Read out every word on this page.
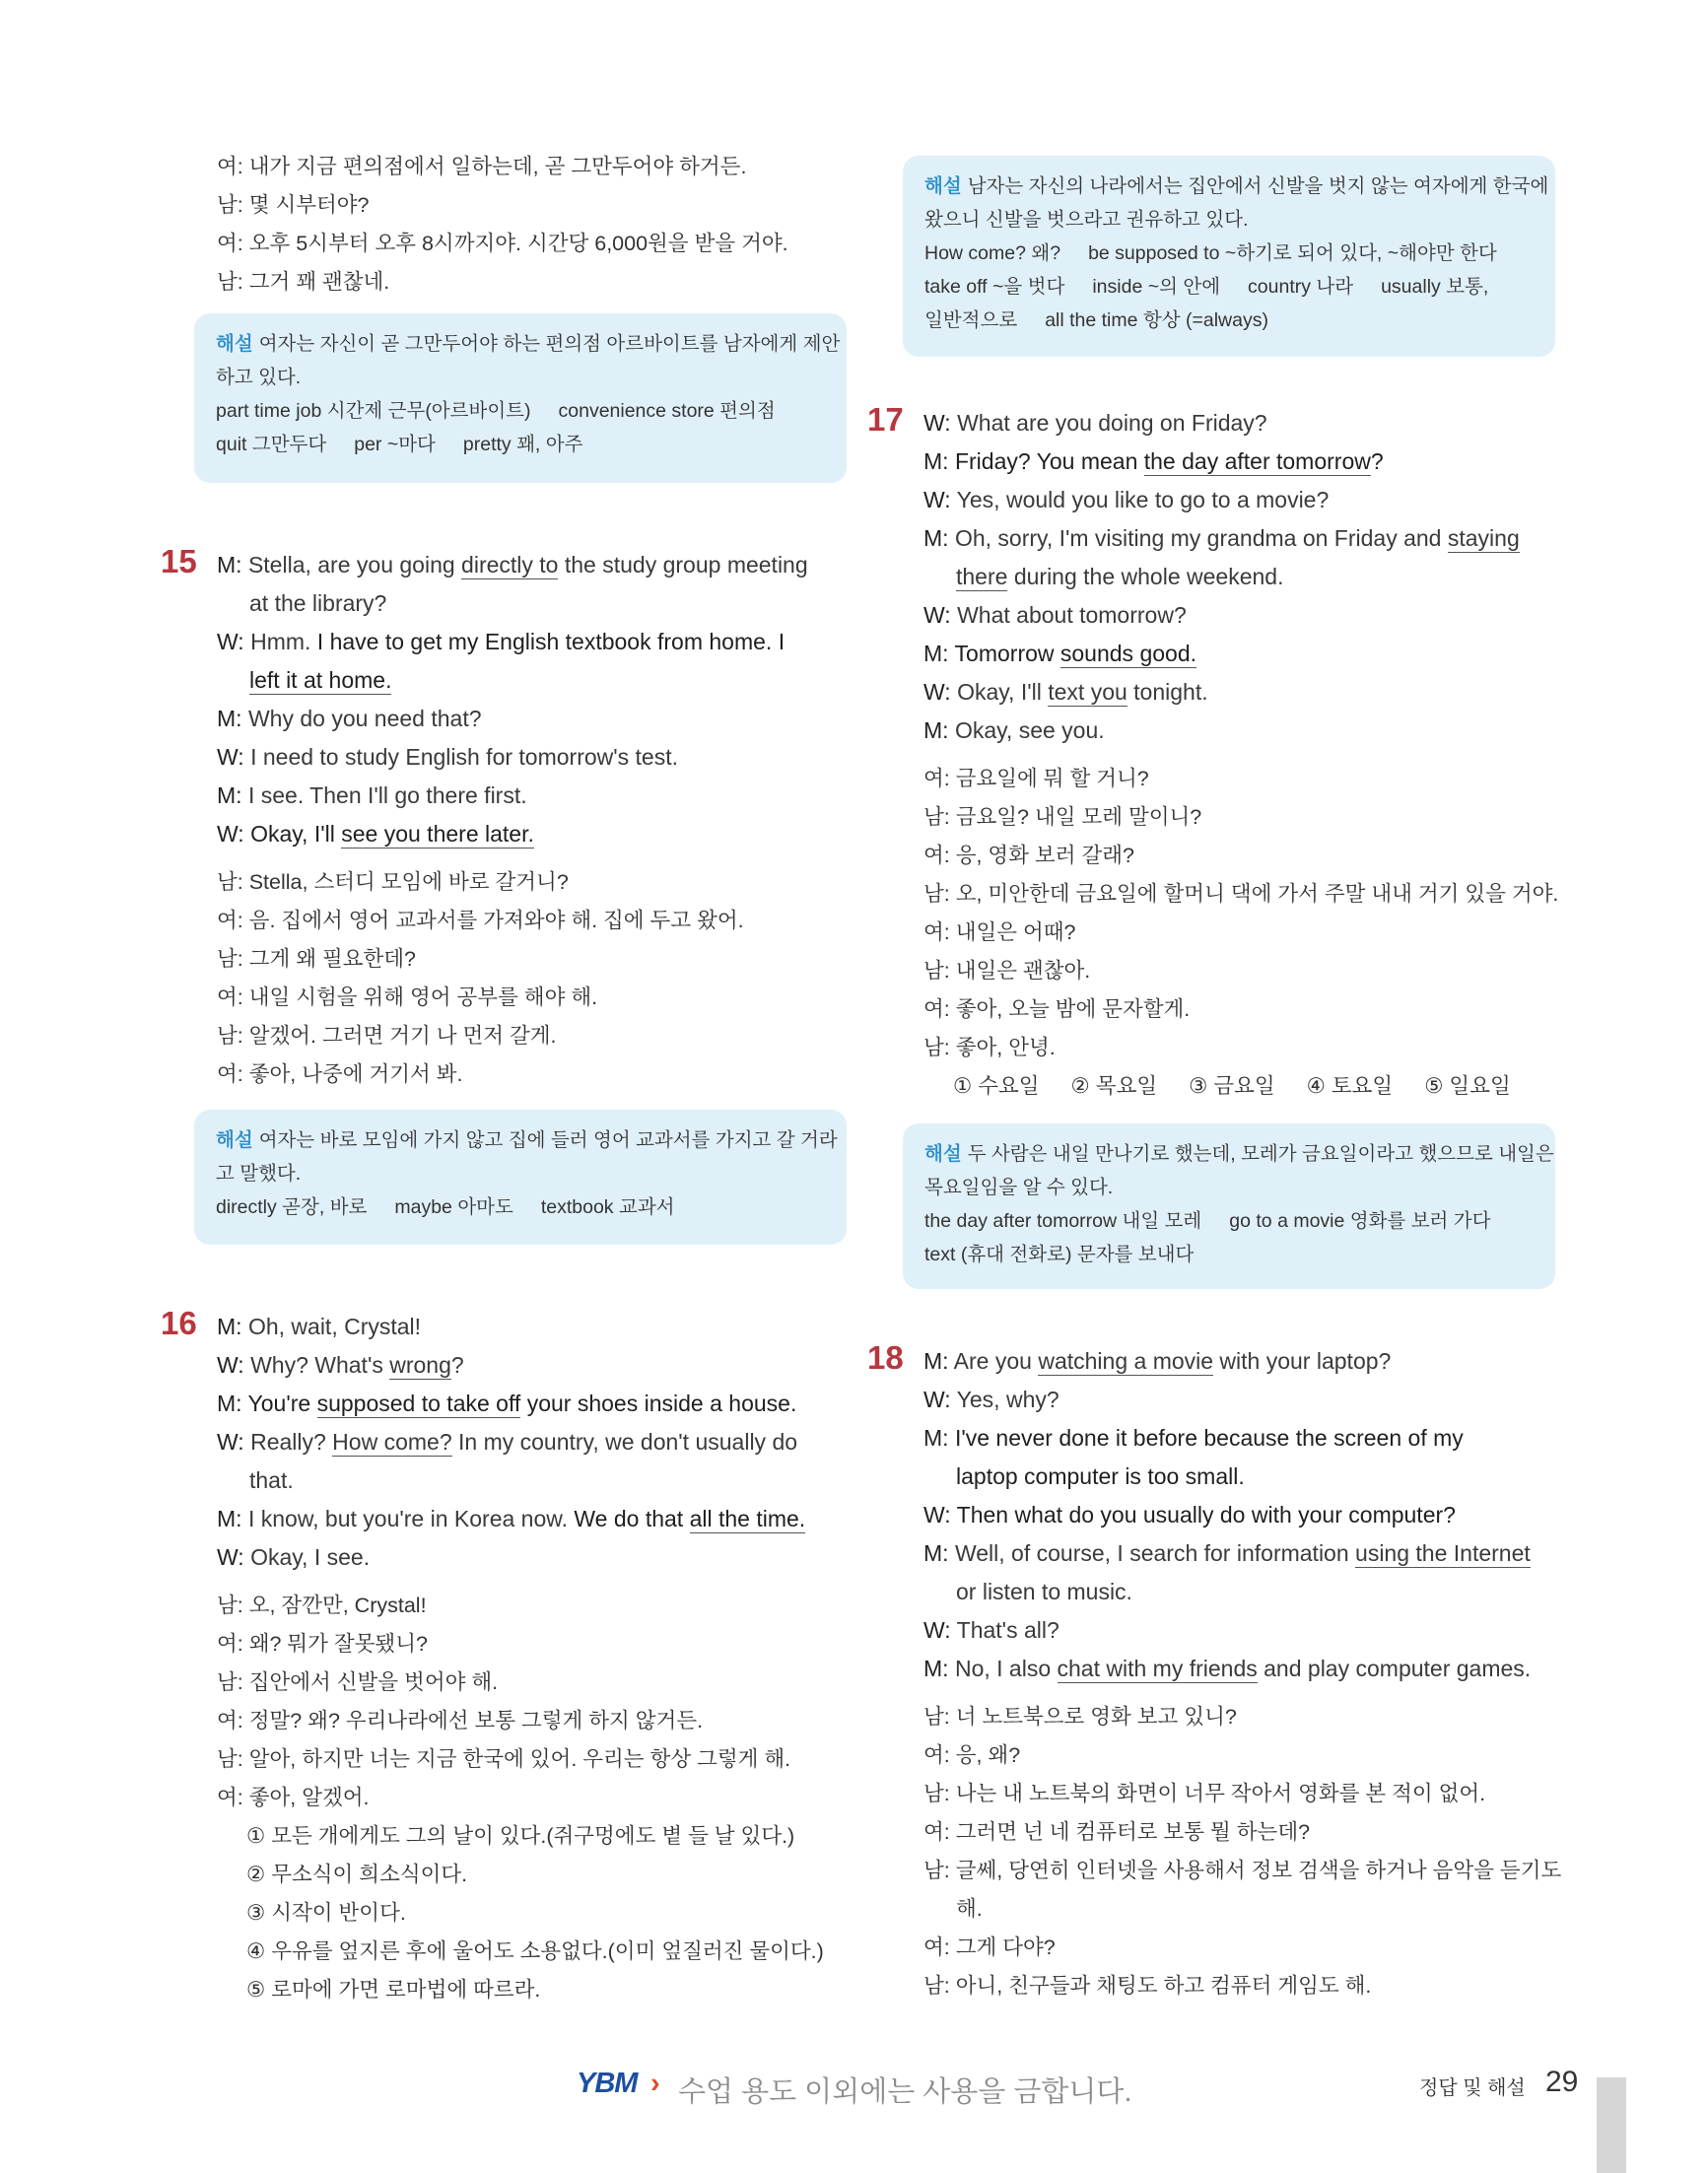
여: 내가 지금 편의점에서 일하는데, 곧 그만두어야 하거든.
남: 몇 시부터야?
여: 오후 5시부터 오후 8시까지야. 시간당 6,000원을 받을 거야.
남: 그거 꽤 괜찮네.
해설 여자는 자신이 곧 그만두어야 하는 편의점 아르바이트를 남자에게 제안
하고 있다.
part time job 시간제 근무(아르바이트) convenience store 편의점
quit 그만두다 per ~마다 pretty 꽤, 아주
15 M: Stella, are you going directly to the study group meeting
at the library?
W: Hmm. I have to get my English textbook from home. I
left it at home.
M: Why do you need that?
W: I need to study English for tomorrow's test.
M: I see. Then I'll go there first.
W: Okay, I'll see you there later.
남: Stella, 스터디 모임에 바로 갈거니?
여: 음. 집에서 영어 교과서를 가져와야 해. 집에 두고 왔어.
남: 그게 왜 필요한데?
여: 내일 시험을 위해 영어 공부를 해야 해.
남: 알겠어. 그러면 거기 나 먼저 갈게.
여: 좋아, 나중에 거기서 봐.
해설 여자는 바로 모임에 가지 않고 집에 들러 영어 교과서를 가지고 갈 거라
고 말했다.
directly 곧장, 바로 maybe 아마도 textbook 교과서
16 M: Oh, wait, Crystal!
W: Why? What's wrong?
M: You're supposed to take off your shoes inside a house.
W: Really? How come? In my country, we don't usually do
that.
M: I know, but you're in Korea now. We do that all the time.
W: Okay, I see.
남: 오, 잠깐만, Crystal!
여: 왜? 뭐가 잘못됐니?
남: 집안에서 신발을 벗어야 해.
여: 정말? 왜? 우리나라에선 보통 그렇게 하지 않거든.
남: 알아, 하지만 너는 지금 한국에 있어. 우리는 항상 그렇게 해.
여: 좋아, 알겠어.
① 모든 개에게도 그의 날이 있다.(쥐구멍에도 볕 들 날 있다.)
② 무소식이 희소식이다.
③ 시작이 반이다.
④ 우유를 엎지른 후에 울어도 소용없다.(이미 엎질러진 물이다.)
⑤ 로마에 가면 로마법에 따르라.
해설 남자는 자신의 나라에서는 집안에서 신발을 벗지 않는 여자에게 한국에
왔으니 신발을 벗으라고 권유하고 있다.
How come? 왜? be supposed to ~하기로 되어 있다, ~해야만 한다
take off ~을 벗다 inside ~의 안에 country 나라 usually 보통,
일반적으로 all the time 항상 (=always)
17 W: What are you doing on Friday?
M: Friday? You mean the day after tomorrow?
W: Yes, would you like to go to a movie?
M: Oh, sorry, I'm visiting my grandma on Friday and staying
there during the whole weekend.
W: What about tomorrow?
M: Tomorrow sounds good.
W: Okay, I'll text you tonight.
M: Okay, see you.
여: 금요일에 뭐 할 거니?
남: 금요일? 내일 모레 말이니?
여: 응, 영화 보러 갈래?
남: 오, 미안한데 금요일에 할머니 댁에 가서 주말 내내 거기 있을 거야.
여: 내일은 어때?
남: 내일은 괜찮아.
여: 좋아, 오늘 밤에 문자할게.
남: 좋아, 안녕.
① 수요일 ② 목요일 ③ 금요일 ④ 토요일 ⑤ 일요일
해설 두 사람은 내일 만나기로 했는데, 모레가 금요일이라고 했으므로 내일은
목요일임을 알 수 있다.
the day after tomorrow 내일 모레 go to a movie 영화를 보러 가다
text (휴대 전화로) 문자를 보내다
18 M: Are you watching a movie with your laptop?
W: Yes, why?
M: I've never done it before because the screen of my
laptop computer is too small.
W: Then what do you usually do with your computer?
M: Well, of course, I search for information using the Internet
or listen to music.
W: That's all?
M: No, I also chat with my friends and play computer games.
남: 너 노트북으로 영화 보고 있니?
여: 응, 왜?
남: 나는 내 노트북의 화면이 너무 작아서 영화를 본 적이 없어.
여: 그러면 넌 네 컴퓨터로 보통 뭘 하는데?
남: 글쎄, 당연히 인터넷을 사용해서 정보 검색을 하거나 음악을 듣기도
해.
여: 그게 다야?
남: 아니, 친구들과 채팅도 하고 컴퓨터 게임도 해.
YBM › 수업 용도 이외에는 사용을 금합니다.	정답 및 해설 29
